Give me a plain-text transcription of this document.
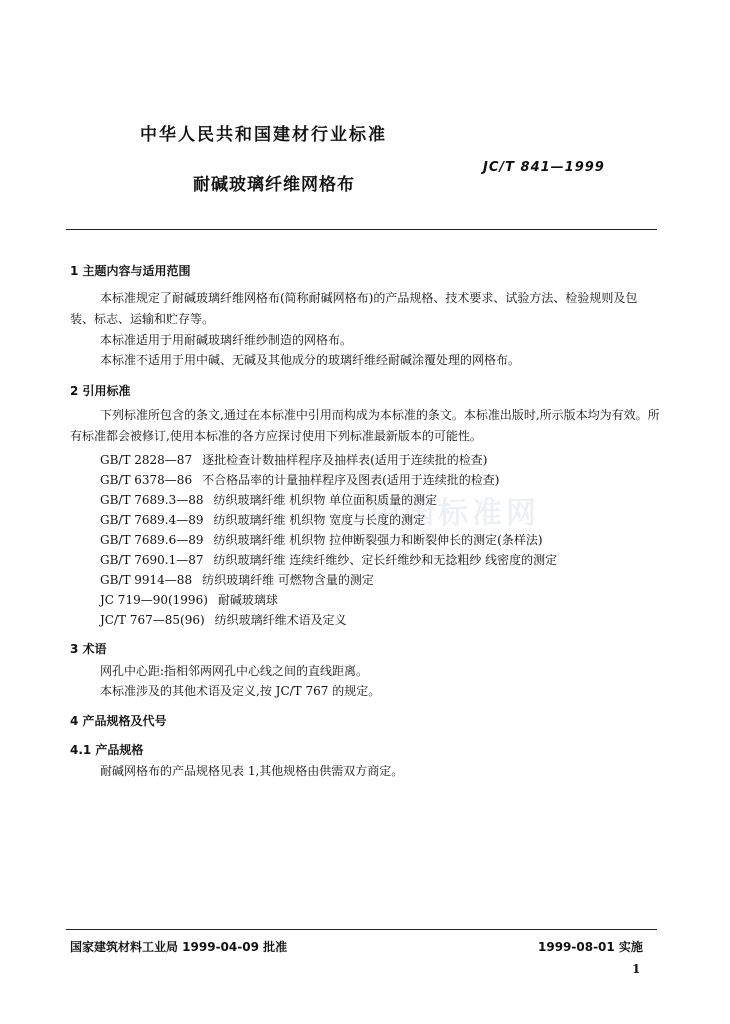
中国标准网
中华人民共和国建材行业标准
JC/T 841—1999
耐碱玻璃纤维网格布
1 主题内容与适用范围
本标准规定了耐碱玻璃纤维网格布(简称耐碱网格布)的产品规格、技术要求、试验方法、检验规则及包装、标志、运输和贮存等。
本标准适用于用耐碱玻璃纤维纱制造的网格布。
本标准不适用于用中碱、无碱及其他成分的玻璃纤维经耐碱涂覆处理的网格布。
2 引用标准
下列标准所包含的条文,通过在本标准中引用而构成为本标准的条文。本标准出版时,所示版本均为有效。所有标准都会被修订,使用本标准的各方应探讨使用下列标准最新版本的可能性。
GB/T 2828—87 逐批检查计数抽样程序及抽样表(适用于连续批的检查)
GB/T 6378—86 不合格品率的计量抽样程序及图表(适用于连续批的检查)
GB/T 7689.3—88 纺织玻璃纤维 机织物 单位面积质量的测定
GB/T 7689.4—89 纺织玻璃纤维 机织物 宽度与长度的测定
GB/T 7689.6—89 纺织玻璃纤维 机织物 拉伸断裂强力和断裂伸长的测定(条样法)
GB/T 7690.1—87 纺织玻璃纤维 连续纤维纱、定长纤维纱和无捻粗纱 线密度的测定
GB/T 9914—88 纺织玻璃纤维 可燃物含量的测定
JC 719—90(1996) 耐碱玻璃球
JC/T 767—85(96) 纺织玻璃纤维术语及定义
3 术语
网孔中心距:指相邻两网孔中心线之间的直线距离。
本标准涉及的其他术语及定义,按 JC/T 767 的规定。
4 产品规格及代号
4.1 产品规格
耐碱网格布的产品规格见表 1,其他规格由供需双方商定。
国家建筑材料工业局 1999-04-09 批准	1999-08-01 实施
1
